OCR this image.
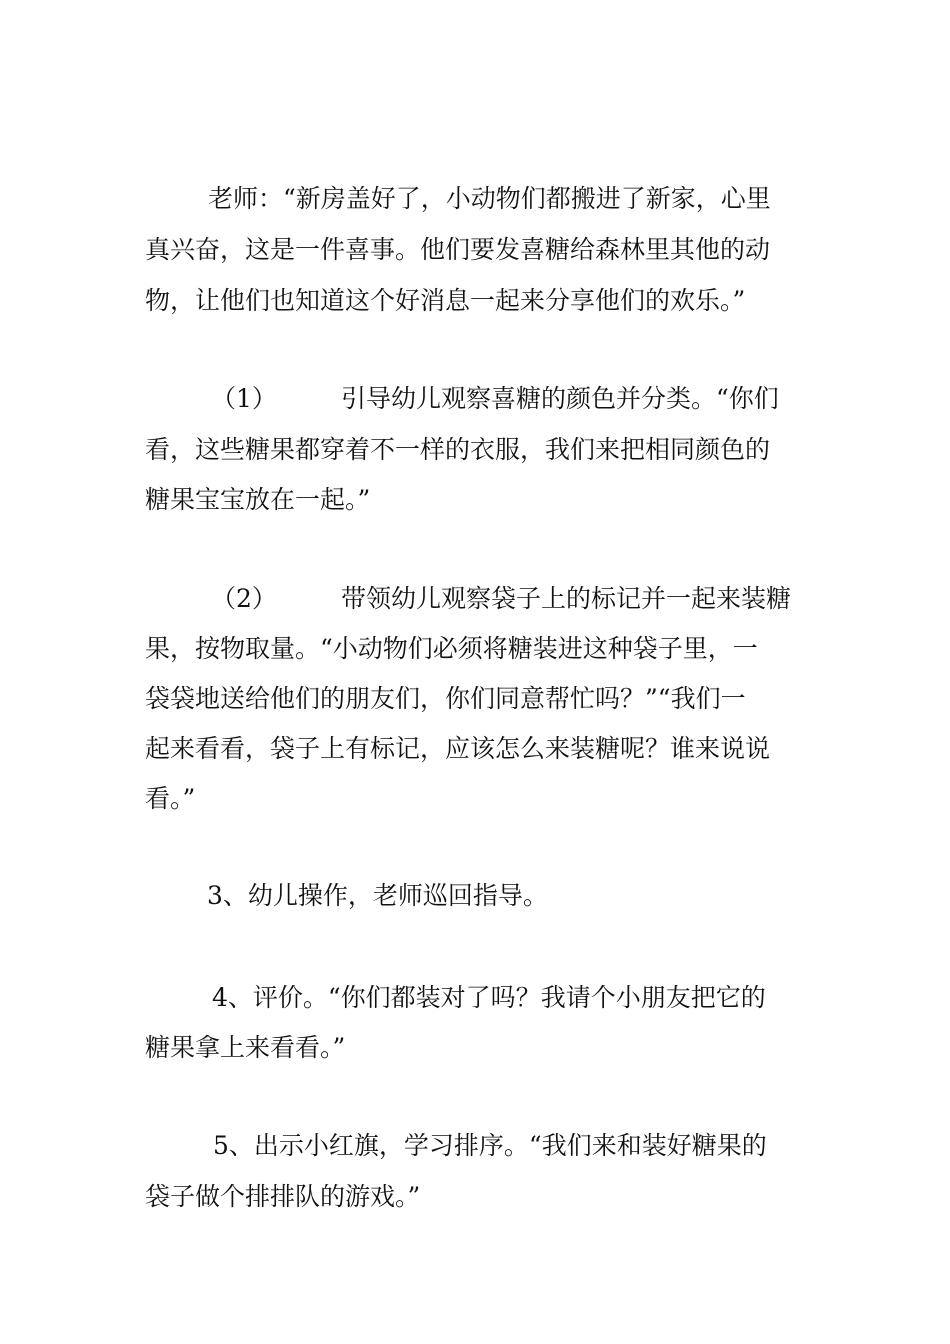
老师：“新房盖好了，小动物们都搬进了新家，心里
真兴奋，这是一件喜事。他们要发喜糖给森林里其他的动
物，让他们也知道这个好消息一起来分享他们的欢乐。”
（1）	引导幼儿观察喜糖的颜色并分类。“你们
看，这些糖果都穿着不一样的衣服，我们来把相同颜色的
糖果宝宝放在一起。”
（2）	带领幼儿观察袋子上的标记并一起来装糖
果，按物取量。“小动物们必须将糖装进这种袋子里，一
袋袋地送给他们的朋友们，你们同意帮忙吗？”“我们一
起来看看，袋子上有标记，应该怎么来装糖呢？谁来说说
看。”
3、幼儿操作，老师巡回指导。
4、评价。“你们都装对了吗？我请个小朋友把它的
糖果拿上来看看。”
5、出示小红旗，学习排序。“我们来和装好糖果的
袋子做个排排队的游戏。”
